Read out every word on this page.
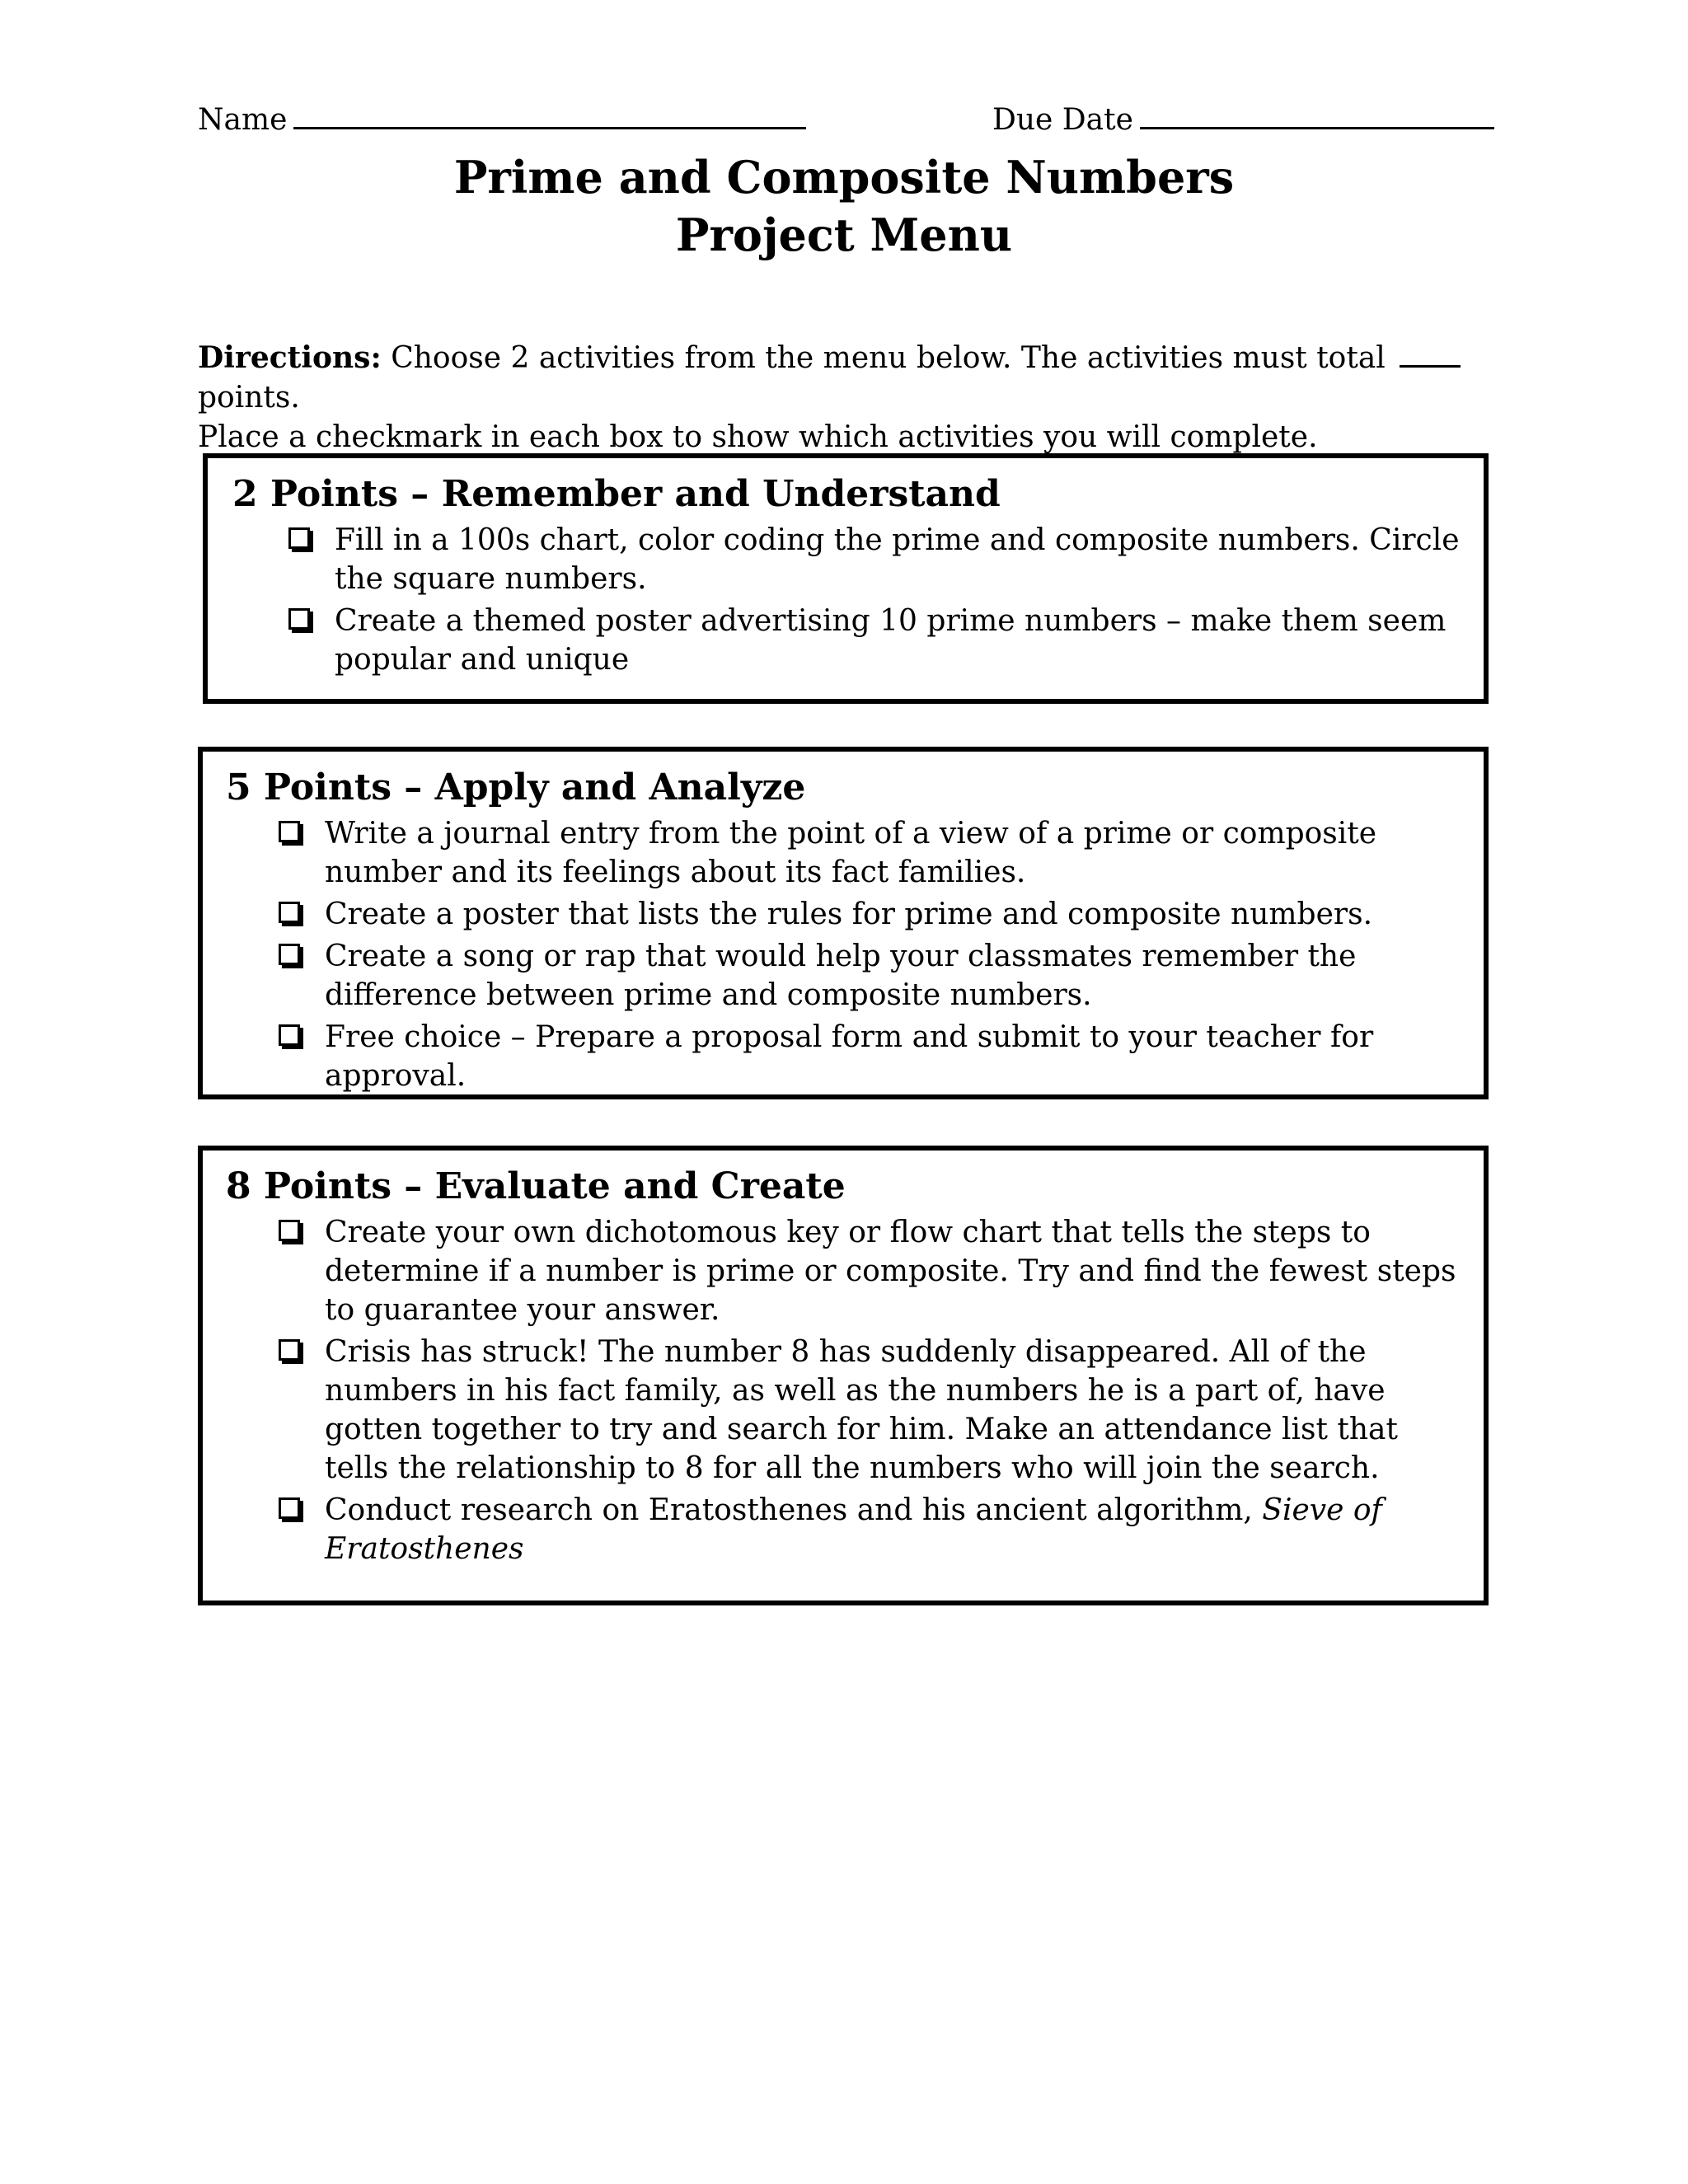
Name	Due Date
Prime and Composite Numbers
Project Menu
Directions: Choose 2 activities from the menu below. The activities must total  points.
Place a checkmark in each box to show which activities you will complete.
2 Points – Remember and Understand
Fill in a 100s chart, color coding the prime and composite numbers. Circle the square numbers.
Create a themed poster advertising 10 prime numbers – make them seem popular and unique
5 Points – Apply and Analyze
Write a journal entry from the point of a view of a prime or composite number and its feelings about its fact families.
Create a poster that lists the rules for prime and composite numbers.
Create a song or rap that would help your classmates remember the difference between prime and composite numbers.
Free choice – Prepare a proposal form and submit to your teacher for approval.
8 Points – Evaluate and Create
Create your own dichotomous key or flow chart that tells the steps to determine if a number is prime or composite. Try and find the fewest steps to guarantee your answer.
Crisis has struck! The number 8 has suddenly disappeared. All of the numbers in his fact family, as well as the numbers he is a part of, have gotten together to try and search for him. Make an attendance list that tells the relationship to 8 for all the numbers who will join the search.
Conduct research on Eratosthenes and his ancient algorithm, Sieve of Eratosthenes
